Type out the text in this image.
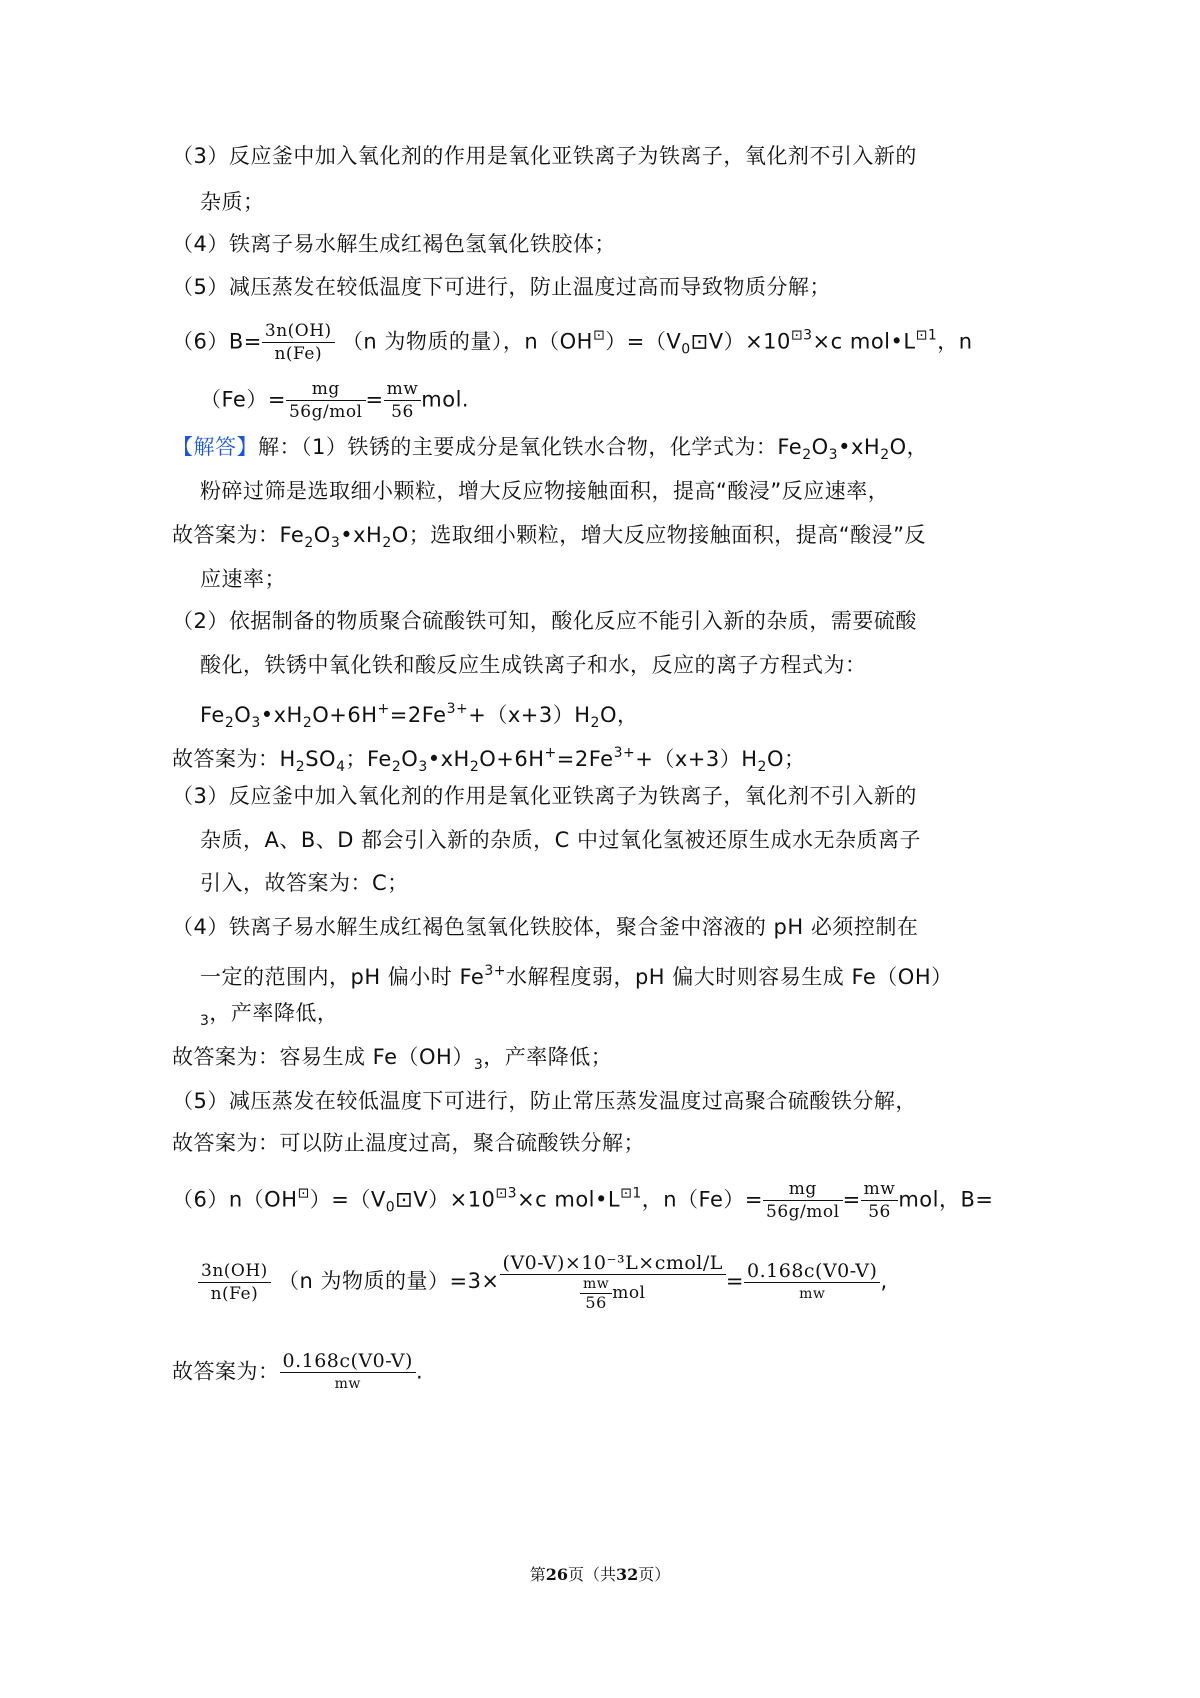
（3）反应釜中加入氧化剂的作用是氧化亚铁离子为铁离子，氧化剂不引入新的
杂质；
（4）铁离子易水解生成红褐色氢氧化铁胶体；
（5）减压蒸发在较低温度下可进行，防止温度过高而导致物质分解；
$(6)B= \frac{3n(OH)}{n(Fe)} (n$ 为物质的量），$n(OH^⊡)=(V_0⊡V)\times 10^{⊡3}\times c$ $mol•L^{⊡1}$，n
$(Fe)= \frac{mg}{\text{56g/mol}} = \frac{mw}{56}$ mol.
【解答】解：（1）铁锈的主要成分是氧化铁水合物，化学式为：$Fe_2O_3•xH_2O$，
粉碎过筛是选取细小颗粒，增大反应物接触面积，提高“酸浸”反应速率，
故答案为：$Fe_2O_3•xH_2O$；选取细小颗粒，增大反应物接触面积，提高“酸浸”反
应速率；
（2）依据制备的物质聚合硫酸铁可知，酸化反应不能引入新的杂质，需要硫酸
酸化，铁锈中氧化铁和酸反应生成铁离子和水，反应的离子方程式为：
$Fe_2O_3•xH_2O+6H^+=2Fe^{3+}+(x+3)H_2O$，
故答案为：$H_2SO_4$；$Fe_2O_3•xH_2O+6H^+=2Fe^{3+}+(x+3)H_2O$；
（3）反应釜中加入氧化剂的作用是氧化亚铁离子为铁离子，氧化剂不引入新的
杂质，A、B、D 都会引入新的杂质，C 中过氧化氢被还原生成水无杂质离子
引入，故答案为：C；
（4）铁离子易水解生成红褐色氢氧化铁胶体，聚合釜中溶液的 pH 必须控制在
一定的范围内，pH 偏小时 $Fe^{3+}$水解程度弱，pH 偏大时则容易生成 Fe（OH）
$_3$，产率降低，
故答案为：容易生成 $Fe(OH)_3$，产率降低；
（5）减压蒸发在较低温度下可进行，防止常压蒸发温度过高聚合硫酸铁分解，
故答案为：可以防止温度过高，聚合硫酸铁分解；
$(6)n(OH^⊡)=(V_0⊡V)\times 10^{⊡3}\times c$ $mol•L^{⊡1}$，$n(Fe)= \frac{mg}{\text{56g/mol}} = \frac{mw}{56}$ mol，B=
$\frac{3n(OH)}{n(Fe)} (n$ 为物质的量）$=3\times \frac{\text{(V0-V)×10⁻³L×cmol/L}}{\frac{mw}{56} mol} = \frac{0.168c(V0-V)}{mw}$ ,
故答案为： $\frac{0.168c(V0-V)}{mw}$ .
第26页（共32页）
